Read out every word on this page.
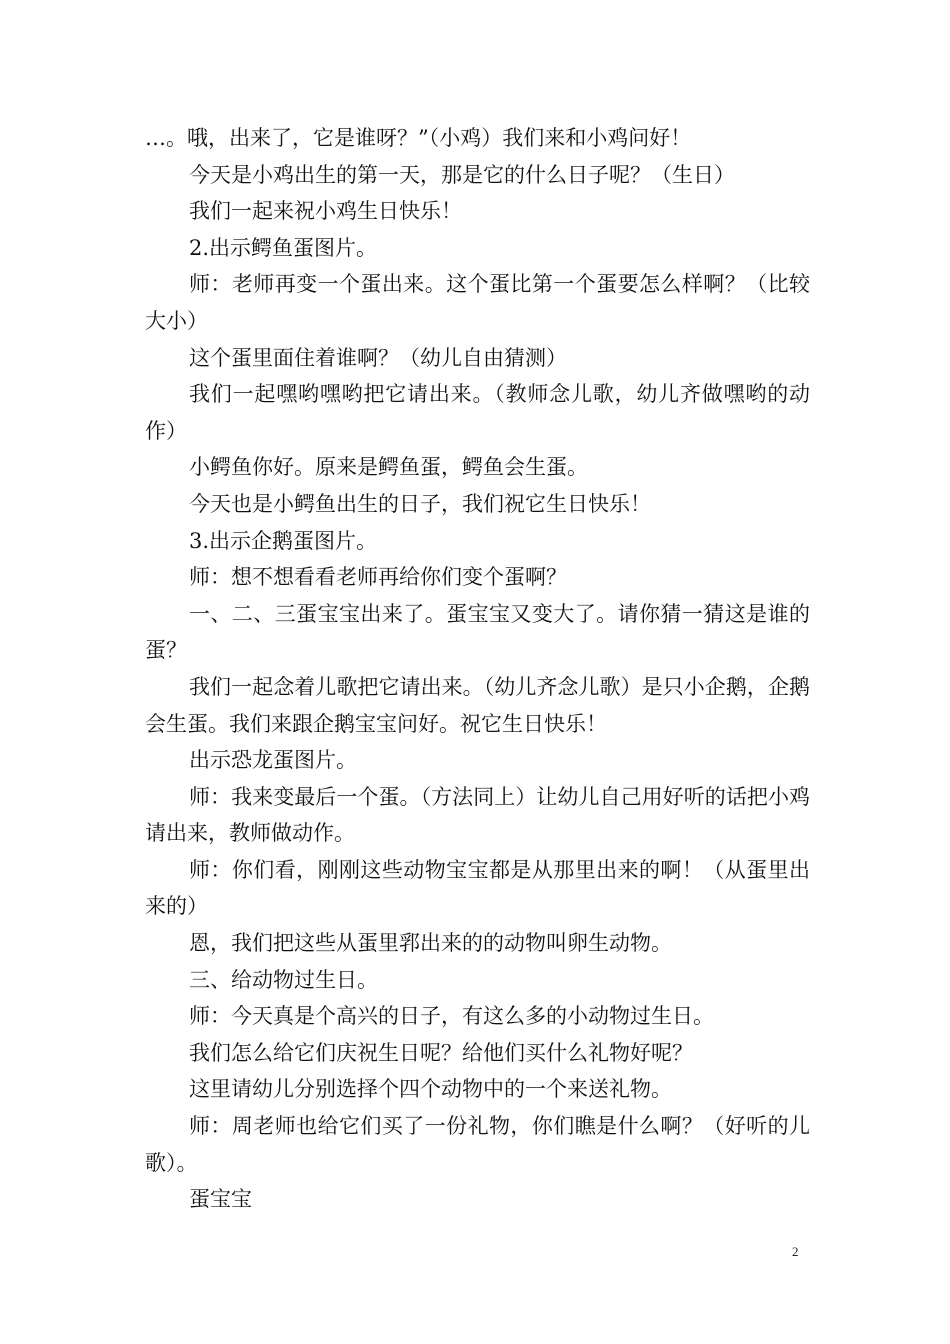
…。哦，出来了，它是谁呀？”（小鸡）我们来和小鸡问好！

今天是小鸡出生的第一天，那是它的什么日子呢？（生日）

我们一起来祝小鸡生日快乐！

2.出示鳄鱼蛋图片。

师：老师再变一个蛋出来。这个蛋比第一个蛋要怎么样啊？（比较大小）

这个蛋里面住着谁啊？（幼儿自由猜测）

我们一起嘿哟嘿哟把它请出来。（教师念儿歌，幼儿齐做嘿哟的动作）

小鳄鱼你好。原来是鳄鱼蛋，鳄鱼会生蛋。

今天也是小鳄鱼出生的日子，我们祝它生日快乐！

3.出示企鹅蛋图片。

师：想不想看看老师再给你们变个蛋啊？

一、二、三蛋宝宝出来了。蛋宝宝又变大了。请你猜一猜这是谁的蛋？

我们一起念着儿歌把它请出来。（幼儿齐念儿歌）是只小企鹅，企鹅会生蛋。我们来跟企鹅宝宝问好。祝它生日快乐！

出示恐龙蛋图片。

师：我来变最后一个蛋。（方法同上）让幼儿自己用好听的话把小鸡请出来，教师做动作。

师：你们看，刚刚这些动物宝宝都是从那里出来的啊！（从蛋里出来的）

恩，我们把这些从蛋里郛出来的的动物叫卵生动物。

三、给动物过生日。

师：今天真是个高兴的日子，有这么多的小动物过生日。

我们怎么给它们庆祝生日呢？给他们买什么礼物好呢？

这里请幼儿分别选择个四个动物中的一个来送礼物。

师：周老师也给它们买了一份礼物，你们瞧是什么啊？（好听的儿歌）。

蛋宝宝

2
